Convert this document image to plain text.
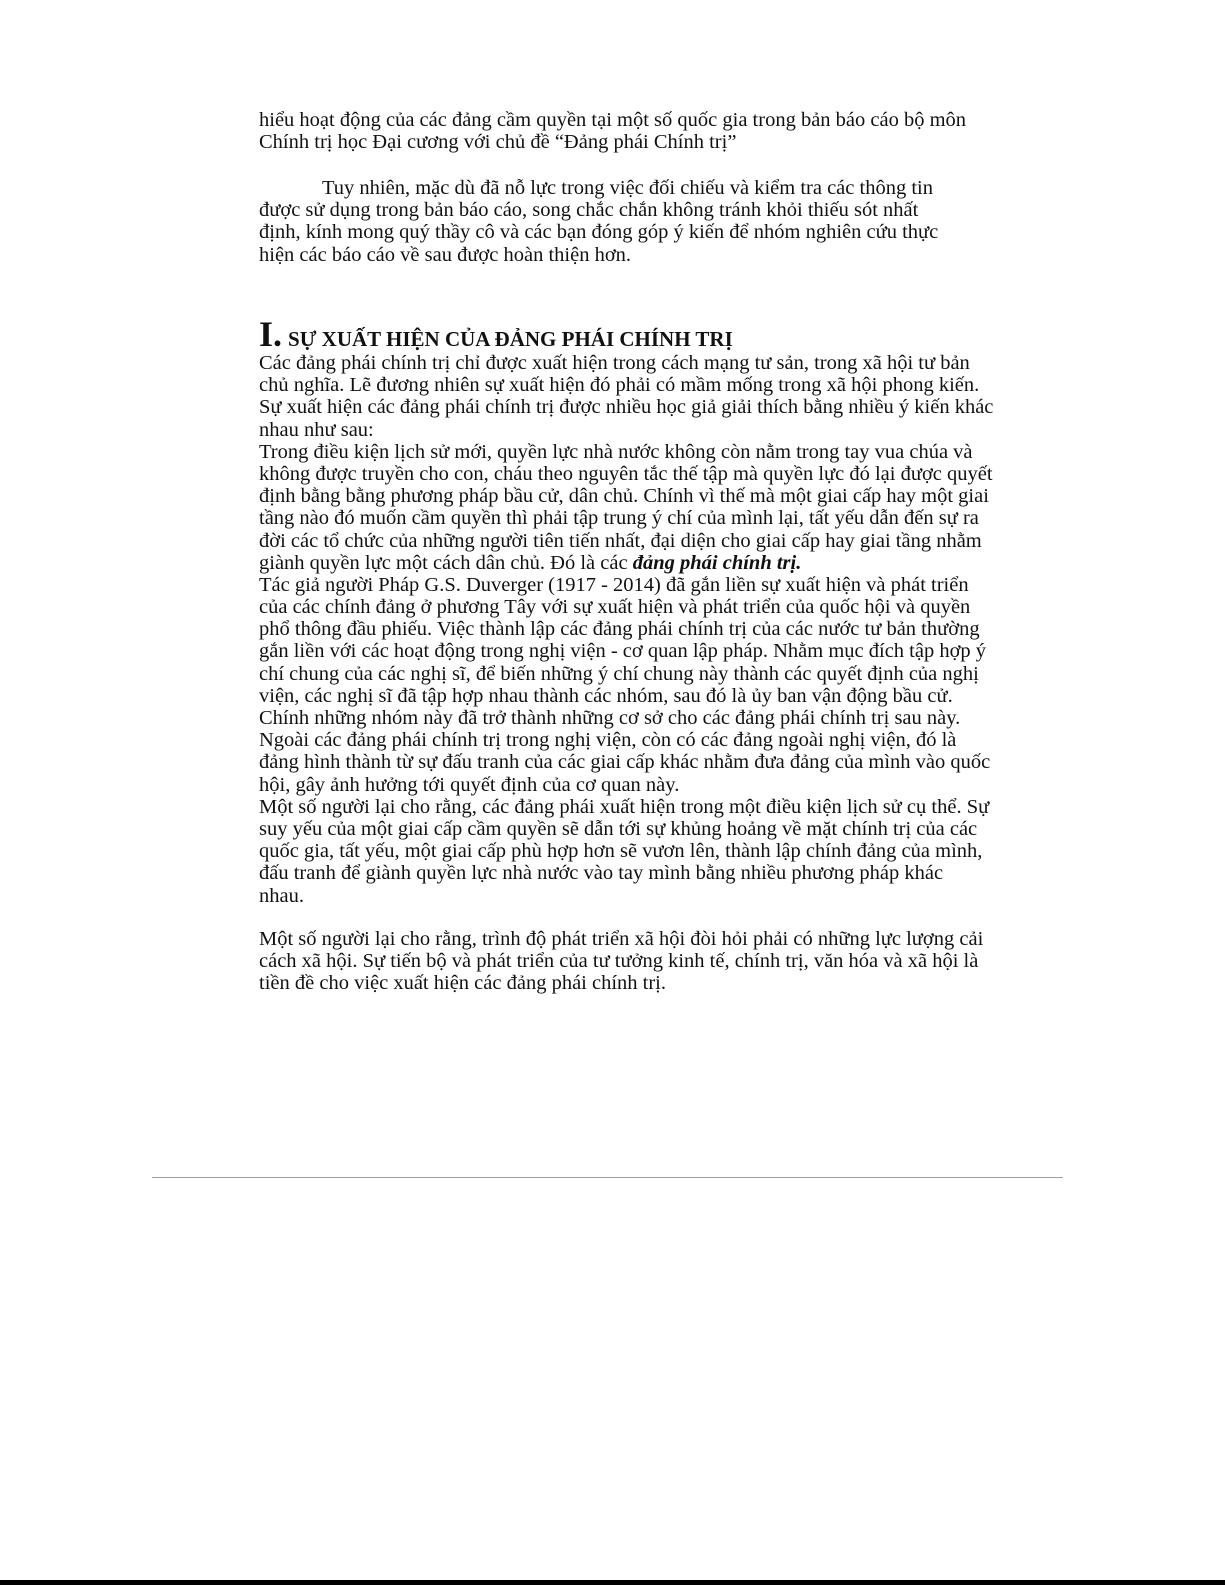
hiểu hoạt động của các đảng cầm quyền tại một số quốc gia trong bản báo cáo bộ môn
Chính trị học Đại cương với chủ đề “Đảng phái Chính trị”
Tuy nhiên, mặc dù đã nỗ lực trong việc đối chiếu và kiểm tra các thông tin
được sử dụng trong bản báo cáo, song chắc chắn không tránh khỏi thiếu sót nhất
định, kính mong quý thầy cô và các bạn đóng góp ý kiến để nhóm nghiên cứu thực
hiện các báo cáo về sau được hoàn thiện hơn.
I. SỰ XUẤT HIỆN CỦA ĐẢNG PHÁI CHÍNH TRỊ
Các đảng phái chính trị chỉ được xuất hiện trong cách mạng tư sản, trong xã hội tư bản
chủ nghĩa. Lẽ đương nhiên sự xuất hiện đó phải có mầm mống trong xã hội phong kiến.
Sự xuất hiện các đảng phái chính trị được nhiều học giả giải thích bằng nhiều ý kiến khác
nhau như sau:
Trong điều kiện lịch sử mới, quyền lực nhà nước không còn nằm trong tay vua chúa và
không được truyền cho con, cháu theo nguyên tắc thế tập mà quyền lực đó lại được quyết
định bằng bằng phương pháp bầu cử, dân chủ. Chính vì thế mà một giai cấp hay một giai
tầng nào đó muốn cầm quyền thì phải tập trung ý chí của mình lại, tất yếu dẫn đến sự ra
đời các tổ chức của những người tiên tiến nhất, đại diện cho giai cấp hay giai tầng nhằm
giành quyền lực một cách dân chủ. Đó là các đảng phái chính trị.
Tác giả người Pháp G.S. Duverger (1917 - 2014) đã gắn liền sự xuất hiện và phát triển
của các chính đảng ở phương Tây với sự xuất hiện và phát triển của quốc hội và quyền
phổ thông đầu phiếu. Việc thành lập các đảng phái chính trị của các nước tư bản thường
gắn liền với các hoạt động trong nghị viện - cơ quan lập pháp. Nhằm mục đích tập hợp ý
chí chung của các nghị sĩ, để biến những ý chí chung này thành các quyết định của nghị
viện, các nghị sĩ đã tập hợp nhau thành các nhóm, sau đó là ủy ban vận động bầu cử.
Chính những nhóm này đã trở thành những cơ sở cho các đảng phái chính trị sau này.
Ngoài các đảng phái chính trị trong nghị viện, còn có các đảng ngoài nghị viện, đó là
đảng hình thành từ sự đấu tranh của các giai cấp khác nhằm đưa đảng của mình vào quốc
hội, gây ảnh hưởng tới quyết định của cơ quan này.
Một số người lại cho rằng, các đảng phái xuất hiện trong một điều kiện lịch sử cụ thể. Sự
suy yếu của một giai cấp cầm quyền sẽ dẫn tới sự khủng hoảng về mặt chính trị của các
quốc gia, tất yếu, một giai cấp phù hợp hơn sẽ vươn lên, thành lập chính đảng của mình,
đấu tranh để giành quyền lực nhà nước vào tay mình bằng nhiều phương pháp khác
nhau.
Một số người lại cho rằng, trình độ phát triển xã hội đòi hỏi phải có những lực lượng cải
cách xã hội. Sự tiến bộ và phát triển của tư tưởng kinh tế, chính trị, văn hóa và xã hội là
tiền đề cho việc xuất hiện các đảng phái chính trị.
